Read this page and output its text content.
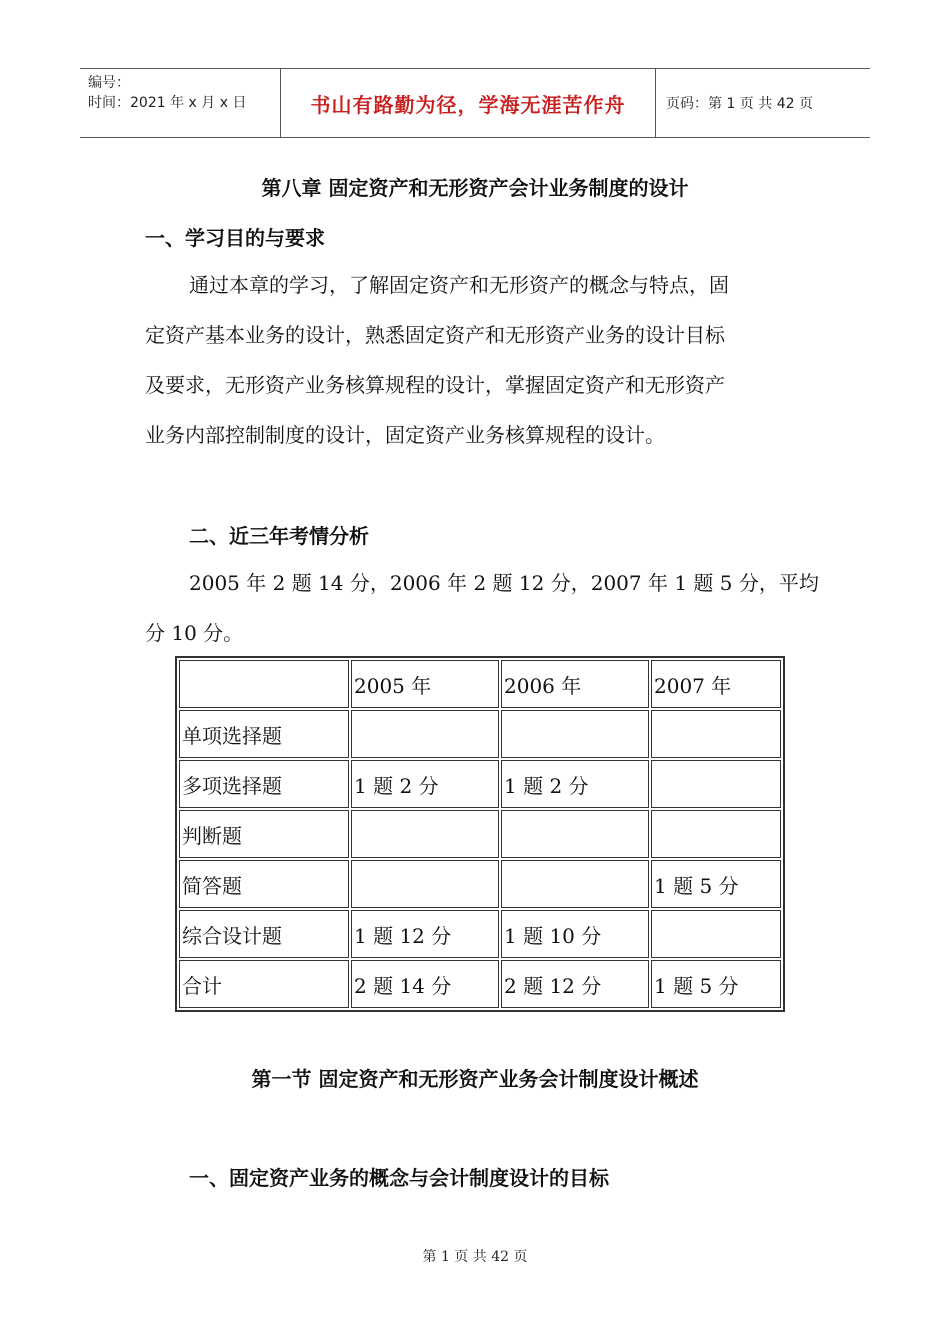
编号：
时间：2021 年 x 月 x 日	书山有路勤为径，学海无涯苦作舟	页码：第 1 页 共 42 页
第八章 固定资产和无形资产会计业务制度的设计
一、学习目的与要求
通过本章的学习，了解固定资产和无形资产的概念与特点，固
定资产基本业务的设计，熟悉固定资产和无形资产业务的设计目标
及要求，无形资产业务核算规程的设计，掌握固定资产和无形资产
业务内部控制制度的设计，固定资产业务核算规程的设计。
二、近三年考情分析
2005 年 2 题 14 分，2006 年 2 题 12 分，2007 年 1 题 5 分，平均
分 10 分。
	2005 年	2006 年	2007 年
单项选择题			
多项选择题	1 题 2 分	1 题 2 分	
判断题			
简答题			1 题 5 分
综合设计题	1 题 12 分	1 题 10 分	
合计	2 题 14 分	2 题 12 分	1 题 5 分
第一节 固定资产和无形资产业务会计制度设计概述
一、固定资产业务的概念与会计制度设计的目标
第 1 页 共 42 页
